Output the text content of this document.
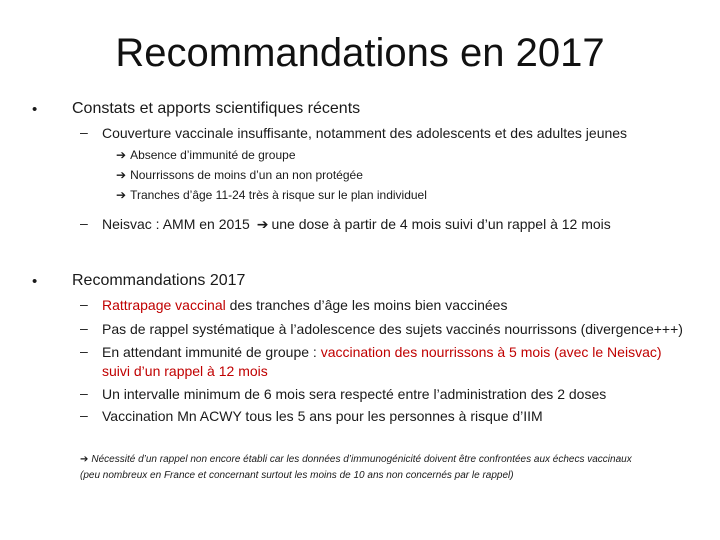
Recommandations en 2017
• Constats et apports scientifiques récents
– Couverture vaccinale insuffisante, notamment des adolescents et des adultes jeunes
➔ Absence d’immunité de groupe
➔ Nourrissons de moins d’un an non protégée
➔ Tranches d’âge 11-24 très à risque sur le plan individuel
– Neisvac : AMM en 2015 ➔ une dose à partir de 4 mois suivi d’un rappel à 12 mois
• Recommandations 2017
– Rattrapage vaccinal des tranches d’âge les moins bien vaccinées
– Pas de rappel systématique à l’adolescence des sujets vaccinés nourrissons (divergence+++)
– En attendant immunité de groupe : vaccination des nourrissons à 5 mois (avec le Neisvac)
suivi d’un rappel à 12 mois
– Un intervalle minimum de 6 mois sera respecté entre l’administration des 2 doses
– Vaccination Mn ACWY tous les 5 ans pour les personnes à risque d’IIM
➔ Nécessité d’un rappel non encore établi car les données d’immunogénicité doivent être confrontées aux échecs vaccinaux
(peu nombreux en France et concernant surtout les moins de 10 ans non concernés par le rappel)
